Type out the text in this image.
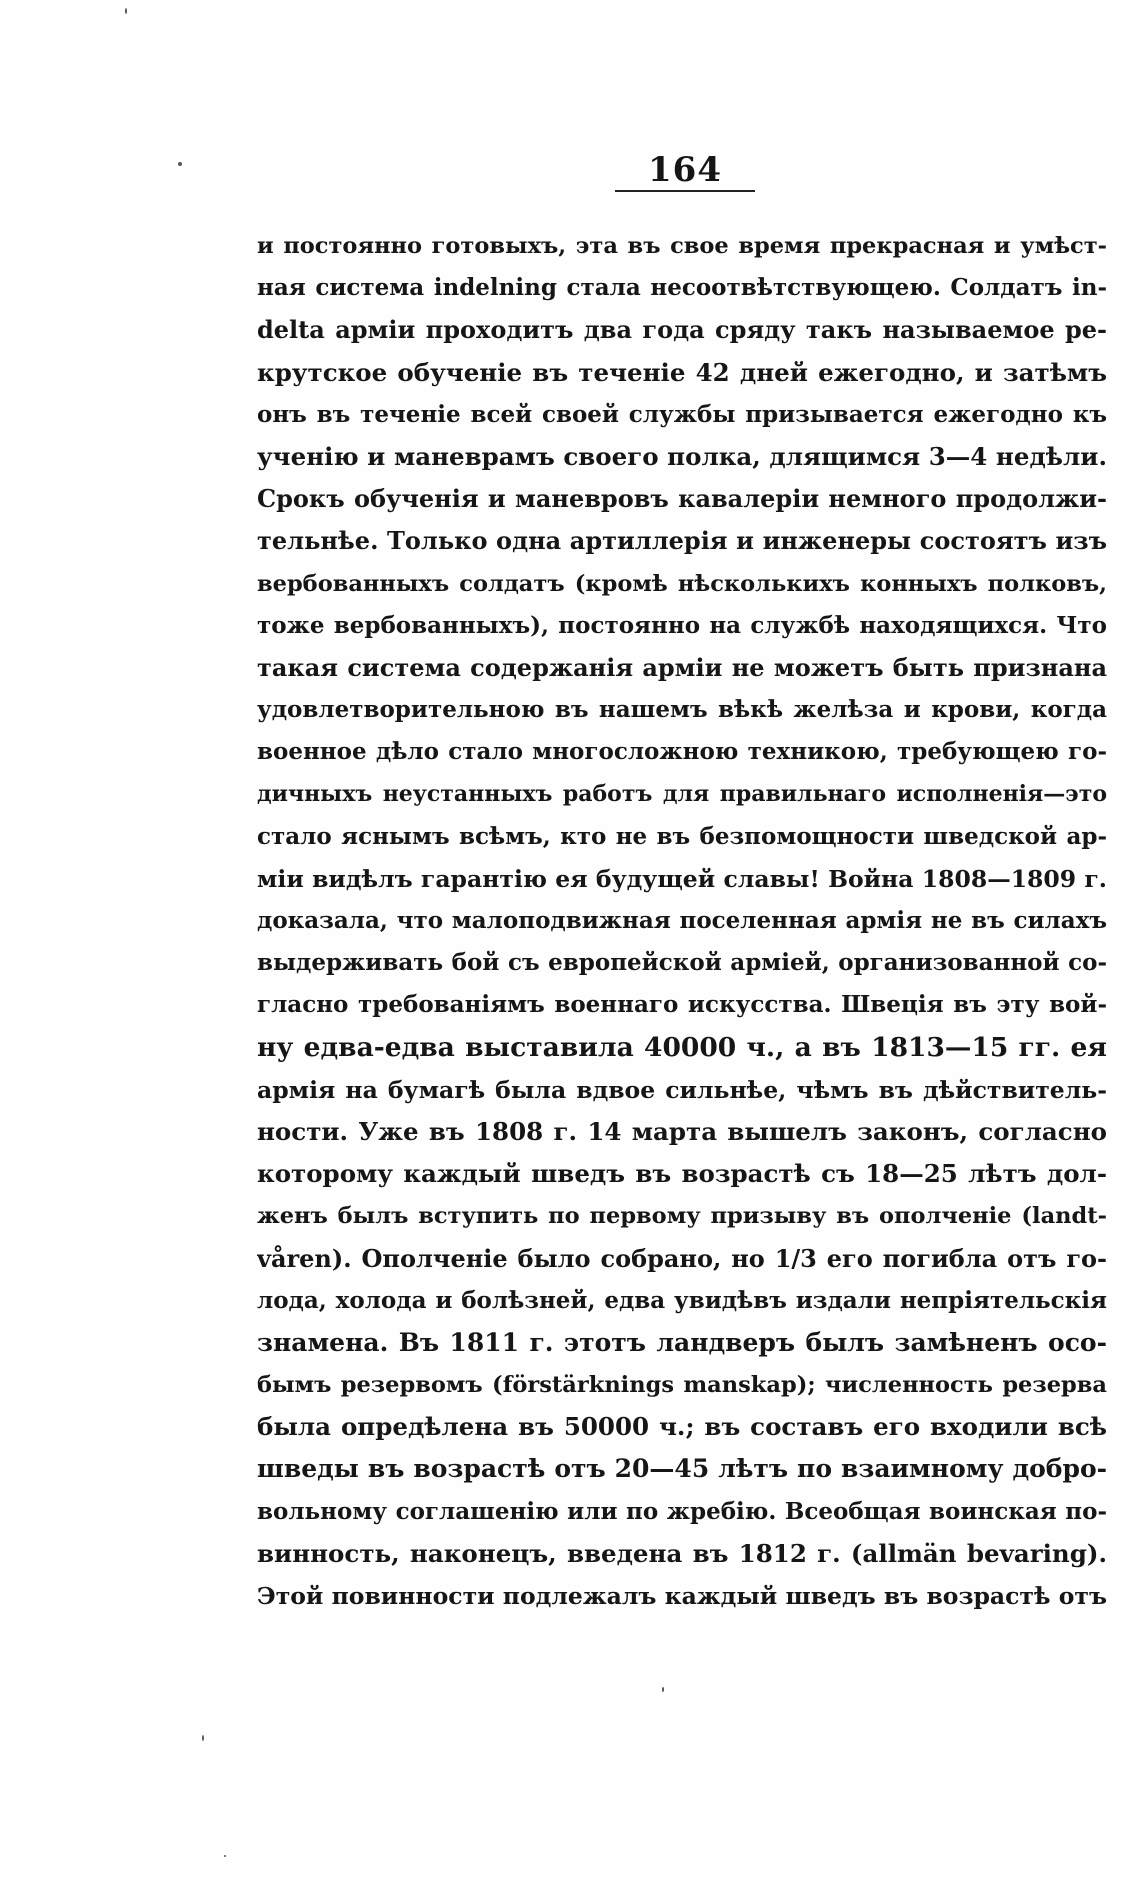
164
и постоянно готовыхъ, эта въ свое время прекрасная и умѣст-
ная система indelning стала несоотвѣтствующею. Солдатъ in-
delta арміи проходитъ два года сряду такъ называемое ре-
крутское обученіе въ теченіе 42 дней ежегодно, и затѣмъ
онъ въ теченіе всей своей службы призывается ежегодно къ
ученію и маневрамъ своего полка, длящимся 3—4 недѣли.
Срокъ обученія и маневровъ кавалеріи немного продолжи-
тельнѣе. Только одна артиллерія и инженеры состоятъ изъ
вербованныхъ солдатъ (кромѣ нѣсколькихъ конныхъ полковъ,
тоже вербованныхъ), постоянно на службѣ находящихся. Что
такая система содержанія арміи не можетъ быть признана
удовлетворительною въ нашемъ вѣкѣ желѣза и крови, когда
военное дѣло стало многосложною техникою, требующею го-
дичныхъ неустанныхъ работъ для правильнаго исполненія—это
стало яснымъ всѣмъ, кто не въ безпомощности шведской ар-
міи видѣлъ гарантію ея будущей славы! Война 1808—1809 г.
доказала, что малоподвижная поселенная армія не въ силахъ
выдерживать бой съ европейской арміей, организованной со-
гласно требованіямъ военнаго искусства. Швеція въ эту вой-
ну едва-едва выставила 40000 ч., а въ 1813—15 гг. ея
армія на бумагѣ была вдвое сильнѣе, чѣмъ въ дѣйствитель-
ности. Уже въ 1808 г. 14 марта вышелъ законъ, согласно
которому каждый шведъ въ возрастѣ съ 18—25 лѣтъ дол-
женъ былъ вступить по первому призыву въ ополченіе (landt-
våren). Ополченіе было собрано, но 1/3 его погибла отъ го-
лода, холода и болѣзней, едва увидѣвъ издали непріятельскія
знамена. Въ 1811 г. этотъ ландверъ былъ замѣненъ осо-
бымъ резервомъ (förstärknings manskap); численность резерва
была опредѣлена въ 50000 ч.; въ составъ его входили всѣ
шведы въ возрастѣ отъ 20—45 лѣтъ по взаимному добро-
вольному соглашенію или по жребію. Всеобщая воинская по-
винность, наконецъ, введена въ 1812 г. (allmän bevaring).
Этой повинности подлежалъ каждый шведъ въ возрастѣ отъ
